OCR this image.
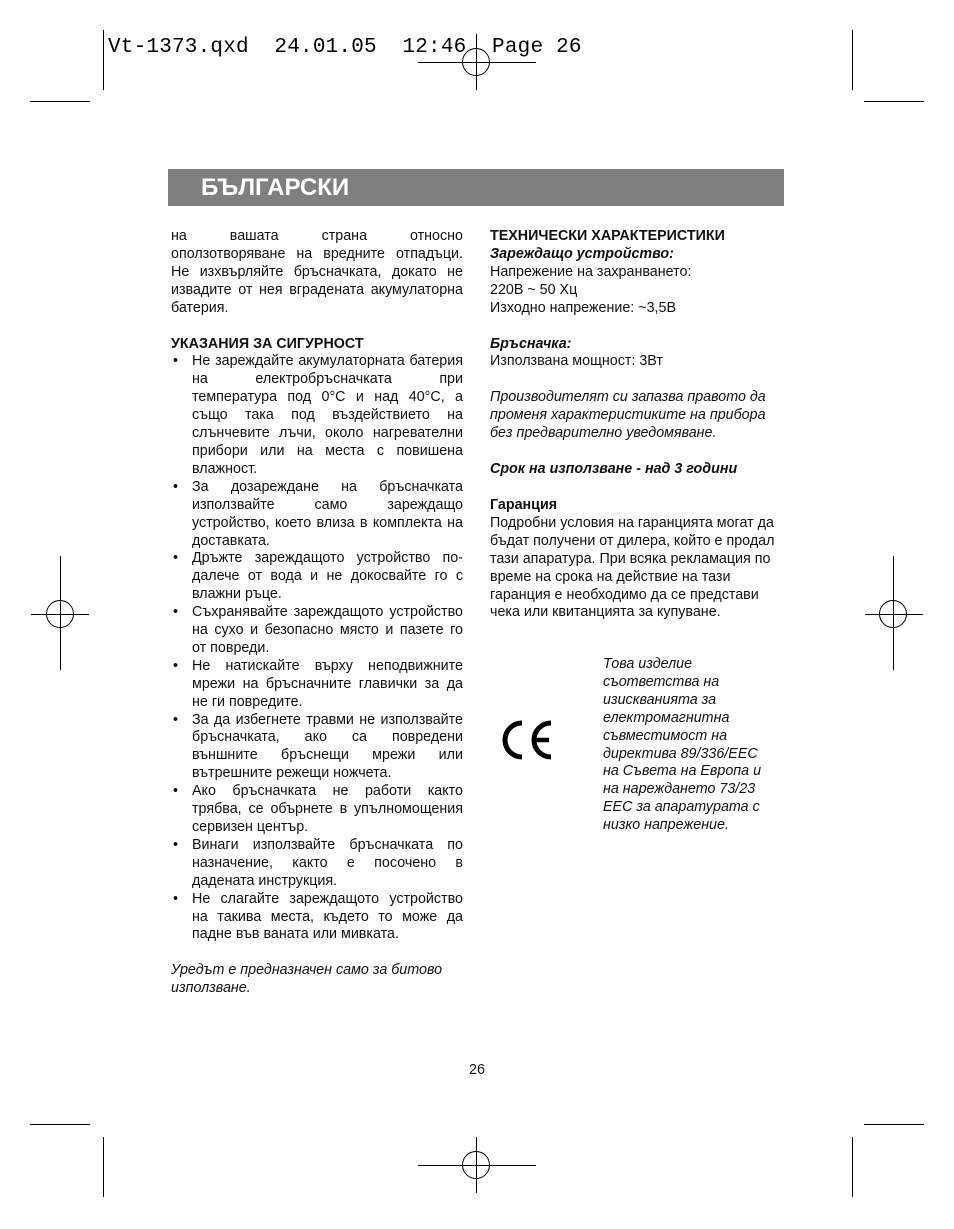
Vt-1373.qxd  24.01.05  12:46  Page 26
БЪЛГАРСКИ
на вашата страна относно оползотворяване на вредните отпадъци. Не изхвърляйте бръсначката, докато не извадите от нея вградената акумулаторна батерия.
УКАЗАНИЯ ЗА СИГУРНОСТ
• Не зареждайте акумулаторната батерия на електробръсначката при температура под 0°С и над 40°С, а също така под въздействието на слънчевите лъчи, около нагревателни прибори или на места с повишена влажност.
• За дозареждане на бръсначката използвайте само зареждащо устройство, което влиза в комплекта на доставката.
• Дръжте зареждащото устройство по-далече от вода и не докосвайте го с влажни ръце.
• Съхранявайте зареждащото устройство на сухо и безопасно място и пазете го от повреди.
• Не натискайте върху неподвижните мрежи на бръсначните главички за да не ги повредите.
• За да избегнете травми не използвайте бръсначката, ако са повредени външните бръснещи мрежи или вътрешните режещи ножчета.
• Ако бръсначката не работи както трябва, се обърнете в упълномощения сервизен център.
• Винаги използвайте бръсначката по назначение, както е посочено в дадената инструкция.
• Не слагайте зареждащото устройство на такива места, където то може да падне във ваната или мивката.
Уредът е предназначен само за битово използване.
ТЕХНИЧЕСКИ ХАРАКТЕРИСТИКИ
Зареждащо устройство:
Напрежение на захранването:
220В ~ 50 Хц
Изходно напрежение: ~3,5В
Бръсначка:
Използвана мощност: 3Вт
Производителят си запазва правото да променя характеристиките на прибора без предварително уведомяване.
Срок на използване - над 3 години
Гаранция
Подробни условия на гаранцията могат да бъдат получени от дилера, който е продал тази апаратура. При всяка рекламация по време на срока на действие на тази гаранция е необходимо да се представи чека или квитанцията за купуване.
Това изделие
съответства на
изискванията за
електромагнитна
съвместимост на
директива 89/336/ЕЕС
на Съвета на Европа и
на нареждането 73/23
ЕЕС за апаратурата с
низко напрежение.
26
